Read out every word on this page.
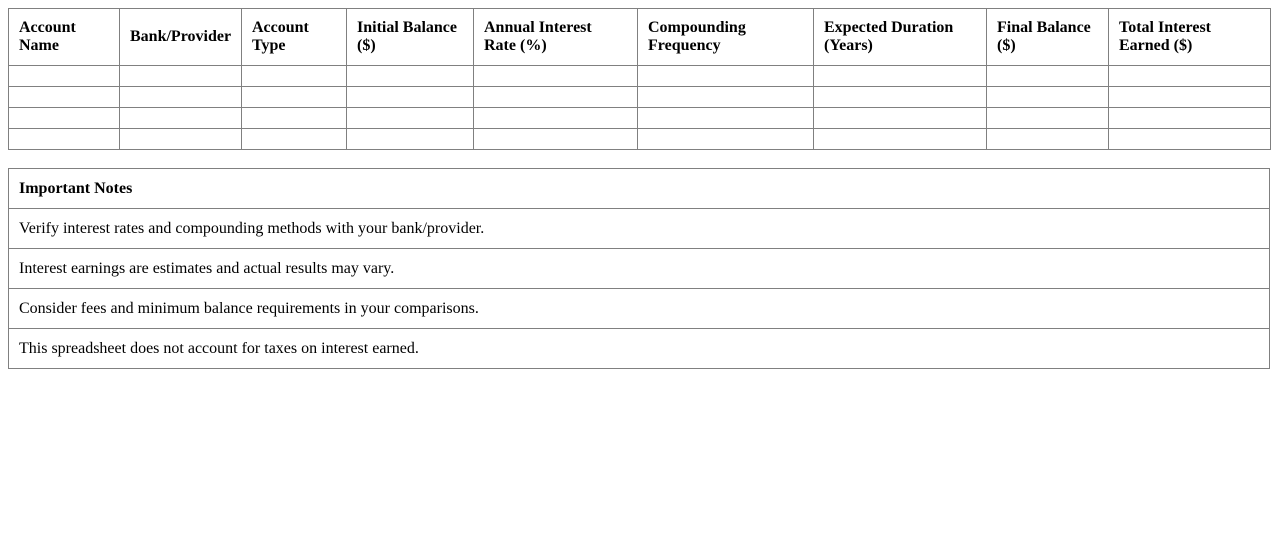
Account Name	Bank/Provider	Account Type	Initial Balance ($)	Annual Interest Rate (%)	Compounding Frequency	Expected Duration (Years)	Final Balance ($)	Total Interest Earned ($)

Important Notes
Verify interest rates and compounding methods with your bank/provider.
Interest earnings are estimates and actual results may vary.
Consider fees and minimum balance requirements in your comparisons.
This spreadsheet does not account for taxes on interest earned.
